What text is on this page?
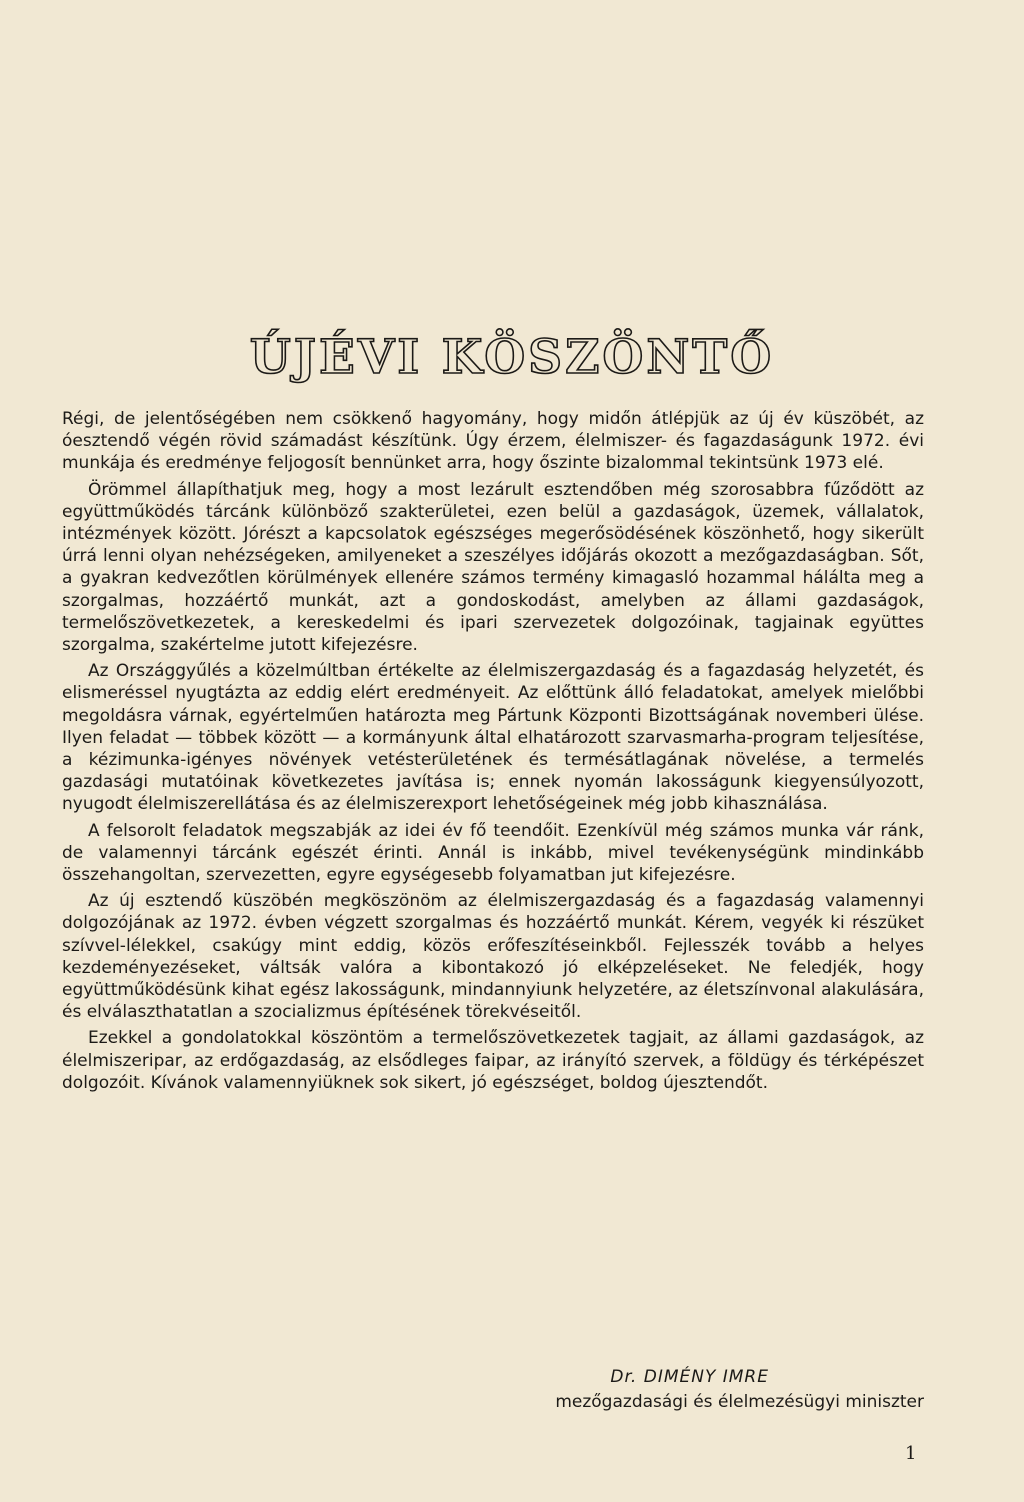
ÚJÉVI KÖSZÖNTŐ

Régi, de jelentőségében nem csökkenő hagyomány, hogy midőn átlépjük az új év küszöbét, az óesztendő végén rövid számadást készítünk. Úgy érzem, élelmiszer- és fagazdaságunk 1972. évi munkája és eredménye feljogosít bennünket arra, hogy őszinte bizalommal tekintsünk 1973 elé.

Örömmel állapíthatjuk meg, hogy a most lezárult esztendőben még szorosabbra fűződött az együttműködés tárcánk különböző szakterületei, ezen belül a gazdaságok, üzemek, vállalatok, intézmények között. Jórészt a kapcsolatok egészséges megerősödésének köszönhető, hogy sikerült úrrá lenni olyan nehézségeken, amilyeneket a szeszélyes időjárás okozott a mezőgazdaságban. Sőt, a gyakran kedvezőtlen körülmények ellenére számos termény kimagasló hozammal hálálta meg a szorgalmas, hozzáértő munkát, azt a gondoskodást, amelyben az állami gazdaságok, termelőszövetkezetek, a kereskedelmi és ipari szervezetek dolgozóinak, tagjainak együttes szorgalma, szakértelme jutott kifejezésre.

Az Országgyűlés a közelmúltban értékelte az élelmiszergazdaság és a fagazdaság helyzetét, és elismeréssel nyugtázta az eddig elért eredményeit. Az előttünk álló feladatokat, amelyek mielőbbi megoldásra várnak, egyértelműen határozta meg Pártunk Központi Bizottságának novemberi ülése. Ilyen feladat — többek között — a kormányunk által elhatározott szarvasmarha-program teljesítése, a kézimunka-igényes növények vetésterületének és termésátlagának növelése, a termelés gazdasági mutatóinak következetes javítása is; ennek nyomán lakosságunk kiegyensúlyozott, nyugodt élelmiszerellátása és az élelmiszerexport lehetőségeinek még jobb kihasználása.

A felsorolt feladatok megszabják az idei év fő teendőit. Ezenkívül még számos munka vár ránk, de valamennyi tárcánk egészét érinti. Annál is inkább, mivel tevékenységünk mindinkább összehangoltan, szervezetten, egyre egységesebb folyamatban jut kifejezésre.

Az új esztendő küszöbén megköszönöm az élelmiszergazdaság és a fagazdaság valamennyi dolgozójának az 1972. évben végzett szorgalmas és hozzáértő munkát. Kérem, vegyék ki részüket szívvel-lélekkel, csakúgy mint eddig, közös erőfeszítéseinkből. Fejlesszék tovább a helyes kezdeményezéseket, váltsák valóra a kibontakozó jó elképzeléseket. Ne feledjék, hogy együttműködésünk kihat egész lakosságunk, mindannyiunk helyzetére, az életszínvonal alakulására, és elválaszthatatlan a szocializmus építésének törekvéseitől.

Ezekkel a gondolatokkal köszöntöm a termelőszövetkezetek tagjait, az állami gazdaságok, az élelmiszeripar, az erdőgazdaság, az elsődleges faipar, az irányító szervek, a földügy és térképészet dolgozóit. Kívánok valamennyiüknek sok sikert, jó egészséget, boldog újesztendőt.

Dr. DIMÉNY IMRE
mezőgazdasági és élelmezésügyi miniszter
1
